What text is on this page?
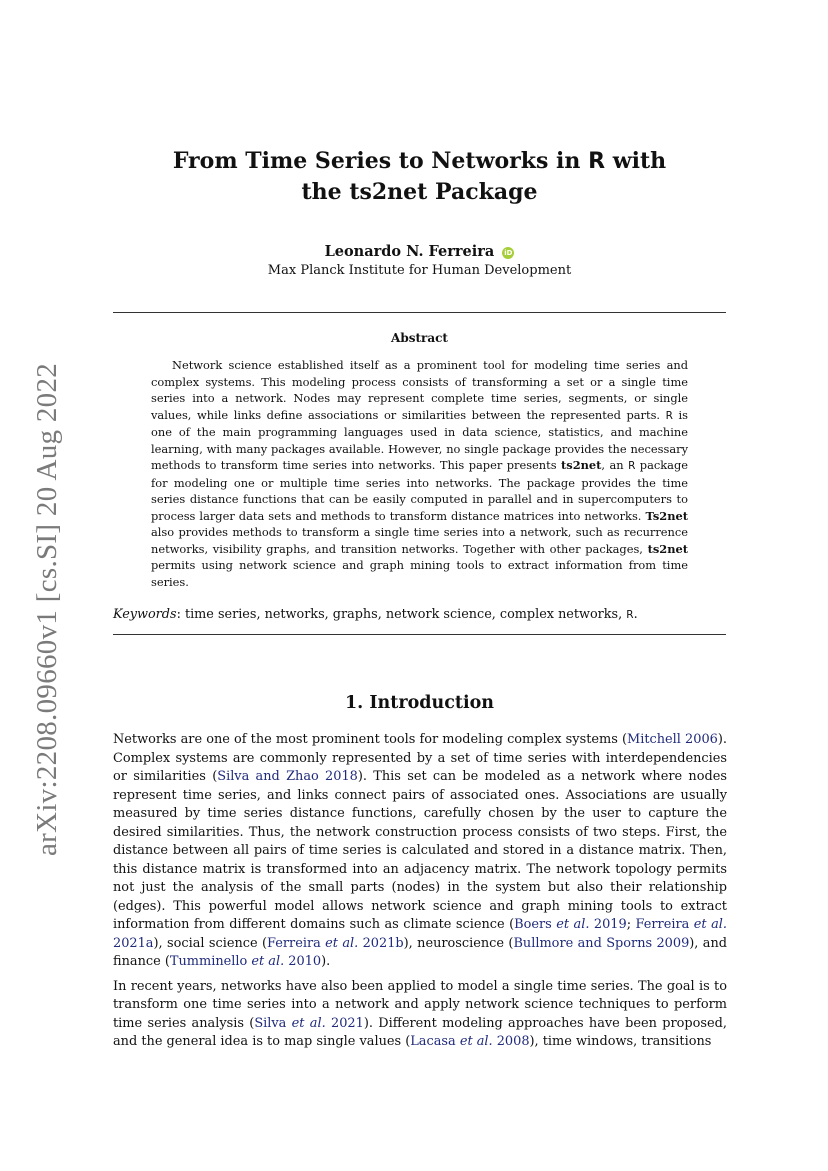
arXiv:2208.09660v1 [cs.SI] 20 Aug 2022
From Time Series to Networks in R with
the ts2net Package
Leonardo N. Ferreira iD
Max Planck Institute for Human Development
Abstract
Network science established itself as a prominent tool for modeling time series and complex systems. This modeling process consists of transforming a set or a single time series into a network. Nodes may represent complete time series, segments, or single values, while links define associations or similarities between the represented parts. R is one of the main programming languages used in data science, statistics, and machine learning, with many packages available. However, no single package provides the necessary methods to transform time series into networks. This paper presents ts2net, an R package for modeling one or multiple time series into networks. The package provides the time series distance functions that can be easily computed in parallel and in supercomputers to process larger data sets and methods to transform distance matrices into networks. Ts2net also provides methods to transform a single time series into a network, such as recurrence networks, visibility graphs, and transition networks. Together with other packages, ts2net permits using network science and graph mining tools to extract information from time series.
Keywords: time series, networks, graphs, network science, complex networks, R.
1. Introduction

Networks are one of the most prominent tools for modeling complex systems (Mitchell 2006). Complex systems are commonly represented by a set of time series with interdependencies or similarities (Silva and Zhao 2018). This set can be modeled as a network where nodes represent time series, and links connect pairs of associated ones. Associations are usually measured by time series distance functions, carefully chosen by the user to capture the desired similarities. Thus, the network construction process consists of two steps. First, the distance between all pairs of time series is calculated and stored in a distance matrix. Then, this distance matrix is transformed into an adjacency matrix. The network topology permits not just the analysis of the small parts (nodes) in the system but also their relationship (edges). This powerful model allows network science and graph mining tools to extract information from different domains such as climate science (Boers et al. 2019; Ferreira et al. 2021a), social science (Ferreira et al. 2021b), neuroscience (Bullmore and Sporns 2009), and finance (Tumminello et al. 2010).

In recent years, networks have also been applied to model a single time series. The goal is to transform one time series into a network and apply network science techniques to perform time series analysis (Silva et al. 2021). Different modeling approaches have been proposed, and the general idea is to map single values (Lacasa et al. 2008), time windows, transitions
